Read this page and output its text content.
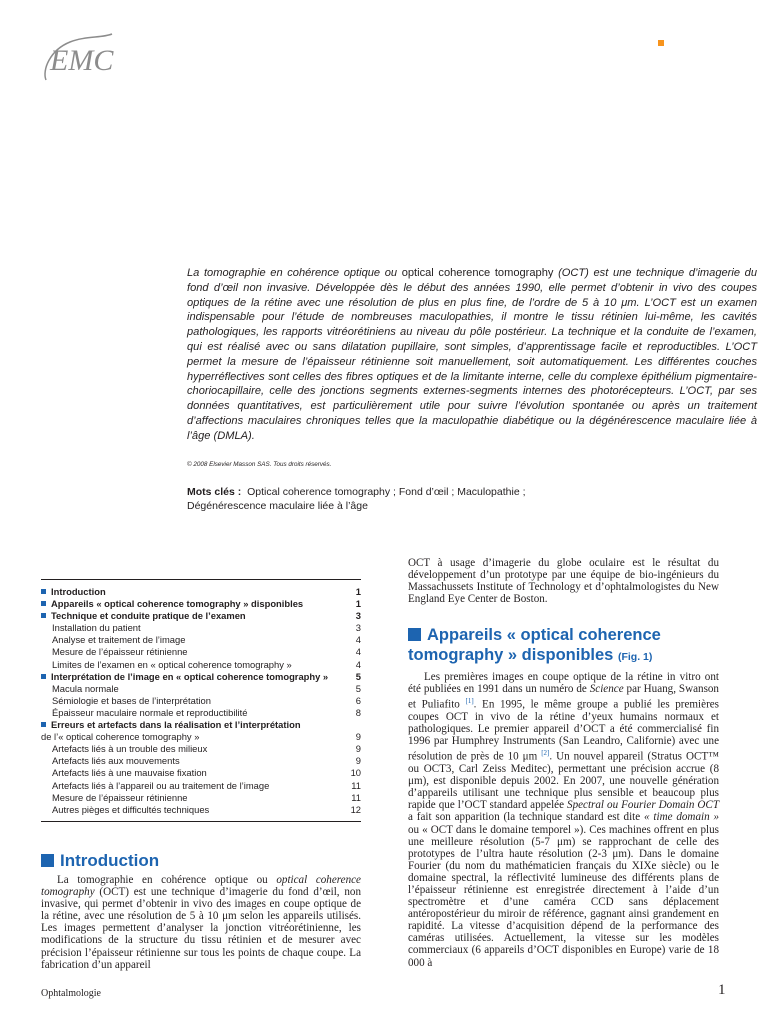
EMC

La tomographie en cohérence optique ou optical coherence tomography (OCT) est une technique d’imagerie du fond d’œil non invasive. Développée dès le début des années 1990, elle permet d’obtenir in vivo des coupes optiques de la rétine avec une résolution de plus en plus fine, de l’ordre de 5 à 10 μm. L’OCT est un examen indispensable pour l’étude de nombreuses maculopathies, il montre le tissu rétinien lui-même, les cavités pathologiques, les rapports vitréorétiniens au niveau du pôle postérieur. La technique et la conduite de l’examen, qui est réalisé avec ou sans dilatation pupillaire, sont simples, d’apprentissage facile et reproductibles. L’OCT permet la mesure de l’épaisseur rétinienne soit manuellement, soit automatiquement. Les différentes couches hyperréflectives sont celles des fibres optiques et de la limitante interne, celle du complexe épithélium pigmentaire-choriocapillaire, celle des jonctions segments externes-segments internes des photorécepteurs. L’OCT, par ses données quantitatives, est particulièrement utile pour suivre l’évolution spontanée ou après un traitement d’affections maculaires chroniques telles que la maculopathie diabétique ou la dégénérescence maculaire liée à l’âge (DMLA).

© 2008 Elsevier Masson SAS. Tous droits réservés.

Mots clés : Optical coherence tomography ; Fond d’œil ; Maculopathie ;
Dégénérescence maculaire liée à l’âge

Introduction	1
Appareils « optical coherence tomography » disponibles	1
Technique et conduite pratique de l’examen	3
Installation du patient	3
Analyse et traitement de l’image	4
Mesure de l’épaisseur rétinienne	4
Limites de l’examen en « optical coherence tomography »	4
Interprétation de l’image en « optical coherence tomography »	5
Macula normale	5
Sémiologie et bases de l’interprétation	6
Épaisseur maculaire normale et reproductibilité	8
Erreurs et artefacts dans la réalisation et l’interprétation
de l’« optical coherence tomography »	9
Artefacts liés à un trouble des milieux	9
Artefacts liés aux mouvements	9
Artefacts liés à une mauvaise fixation	10
Artefacts liés à l’appareil ou au traitement de l’image	11
Mesure de l’épaisseur rétinienne	11
Autres pièges et difficultés techniques	12
Introduction

La tomographie en cohérence optique ou optical coherence tomography (OCT) est une technique d’imagerie du fond d’œil, non invasive, qui permet d’obtenir in vivo des images en coupe optique de la rétine, avec une résolution de 5 à 10 μm selon les appareils utilisés. Les images permettent d’analyser la jonction vitréorétinienne, les modifications de la structure du tissu rétinien et de mesurer avec précision l’épaisseur rétinienne sur tous les points de chaque coupe. La fabrication d’un appareil

OCT à usage d’imagerie du globe oculaire est le résultat du développement d’un prototype par une équipe de bio-ingénieurs du Massachussets Institute of Technology et d’ophtalmologistes du New England Eye Center de Boston.

Appareils « optical coherence
tomography » disponibles (Fig. 1)

Les premières images en coupe optique de la rétine in vitro ont été publiées en 1991 dans un numéro de Science par Huang, Swanson et Puliafito [1]. En 1995, le même groupe a publié les premières coupes OCT in vivo de la rétine d’yeux humains normaux et pathologiques. Le premier appareil d’OCT a été commercialisé fin 1996 par Humphrey Instruments (San Leandro, Californie) avec une résolution de près de 10 μm [2]. Un nouvel appareil (Stratus OCT™ ou OCT3, Carl Zeiss Meditec), permettant une précision accrue (8 μm), est disponible depuis 2002. En 2007, une nouvelle génération d’appareils utilisant une technique plus sensible et beaucoup plus rapide que l’OCT standard appelée Spectral ou Fourier Domain OCT a fait son apparition (la technique standard est dite « time domain » ou « OCT dans le domaine temporel »). Ces machines offrent en plus une meilleure résolution (5-7 μm) se rapprochant de celle des prototypes de l’ultra haute résolution (2-3 μm). Dans le domaine Fourier (du nom du mathématicien français du XIXe siècle) ou le domaine spectral, la réflectivité lumineuse des différents plans de l’épaisseur rétinienne est enregistrée directement à l’aide d’un spectromètre et d’une caméra CCD sans déplacement antéropostérieur du miroir de référence, gagnant ainsi grandement en rapidité. La vitesse d’acquisition dépend de la performance des caméras utilisées. Actuellement, la vitesse sur les modèles commerciaux (6 appareils d’OCT disponibles en Europe) varie de 18 000 à

Ophtalmologie	1
